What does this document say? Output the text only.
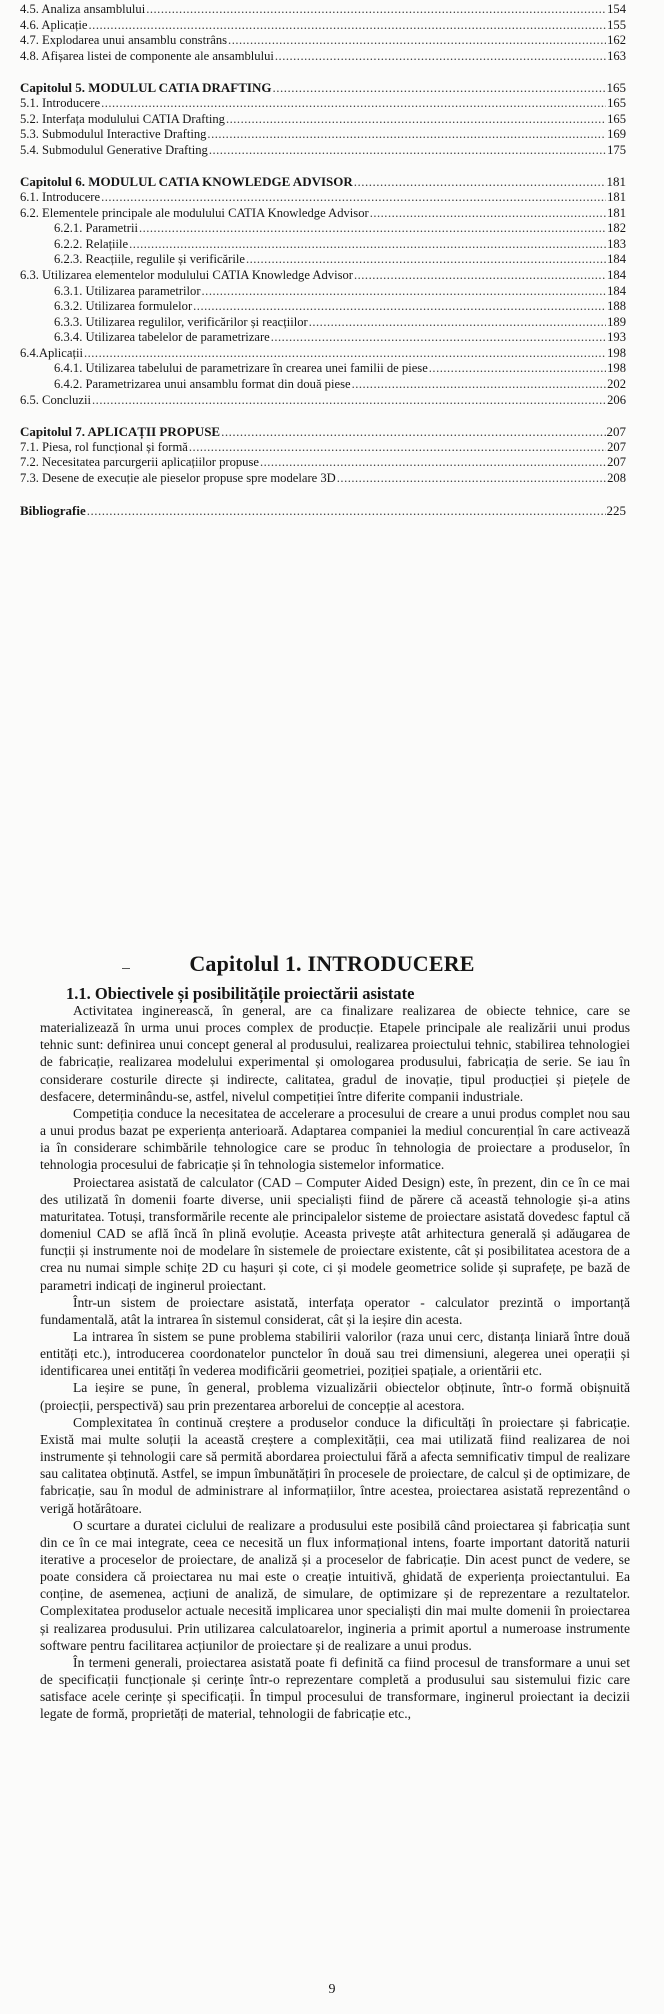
4.5. Analiza ansamblului .....	154
4.6. Aplicație .....	155
4.7. Explodarea unui ansamblu constrâns .....	162
4.8. Afișarea listei de componente ale ansamblului .....	163
Capitolul 5. MODULUL CATIA DRAFTING .....	165
5.1. Introducere .....	165
5.2. Interfața modulului CATIA Drafting .....	165
5.3. Submodulul Interactive Drafting .....	169
5.4. Submodulul Generative Drafting .....	175
Capitolul 6. MODULUL CATIA KNOWLEDGE ADVISOR .....	181
6.1. Introducere .....	181
6.2. Elementele principale ale modulului CATIA Knowledge Advisor .....	181
6.2.1. Parametrii .....	182
6.2.2. Relațiile .....	183
6.2.3. Reacțiile, regulile și verificările .....	184
6.3. Utilizarea elementelor modulului CATIA Knowledge Advisor .....	184
6.3.1. Utilizarea parametrilor .....	184
6.3.2. Utilizarea formulelor .....	188
6.3.3. Utilizarea regulilor, verificărilor și reacțiilor .....	189
6.3.4. Utilizarea tabelelor de parametrizare .....	193
6.4.Aplicații .....	198
6.4.1. Utilizarea tabelului de parametrizare în crearea unei familii de piese .....	198
6.4.2. Parametrizarea unui ansamblu format din două piese .....	202
6.5. Concluzii .....	206
Capitolul 7. APLICAȚII PROPUSE .....	207
7.1. Piesa, rol funcțional și formă .....	207
7.2. Necesitatea parcurgerii aplicațiilor propuse .....	207
7.3. Desene de execuție ale pieselor propuse spre modelare 3D .....	208
Bibliografie .....	225
Capitolul 1. INTRODUCERE
1.1. Obiectivele și posibilitățile proiectării asistate

Activitatea inginerească, în general, are ca finalizare realizarea de obiecte tehnice, care se materializează în urma unui proces complex de producție. Etapele principale ale realizării unui produs tehnic sunt: definirea unui concept general al produsului, realizarea proiectului tehnic, stabilirea tehnologiei de fabricație, realizarea modelului experimental și omologarea produsului, fabricația de serie. Se iau în considerare costurile directe și indirecte, calitatea, gradul de inovație, tipul producției și piețele de desfacere, determinându-se, astfel, nivelul competiției între diferite companii industriale.

Competiția conduce la necesitatea de accelerare a procesului de creare a unui produs complet nou sau a unui produs bazat pe experiența anterioară. Adaptarea companiei la mediul concurențial în care activează ia în considerare schimbările tehnologice care se produc în tehnologia de proiectare a produselor, în tehnologia procesului de fabricație și în tehnologia sistemelor informatice.

Proiectarea asistată de calculator (CAD – Computer Aided Design) este, în prezent, din ce în ce mai des utilizată în domenii foarte diverse, unii specialiști fiind de părere că această tehnologie și-a atins maturitatea. Totuși, transformările recente ale principalelor sisteme de proiectare asistată dovedesc faptul că domeniul CAD se află încă în plină evoluție. Aceasta privește atât arhitectura generală și adăugarea de funcții și instrumente noi de modelare în sistemele de proiectare existente, cât și posibilitatea acestora de a crea nu numai simple schițe 2D cu hașuri și cote, ci și modele geometrice solide și suprafețe, pe bază de parametri indicați de inginerul proiectant.

Într-un sistem de proiectare asistată, interfața operator - calculator prezintă o importanță fundamentală, atât la intrarea în sistemul considerat, cât și la ieșire din acesta.

La intrarea în sistem se pune problema stabilirii valorilor (raza unui cerc, distanța liniară între două entități etc.), introducerea coordonatelor punctelor în două sau trei dimensiuni, alegerea unei operații și identificarea unei entități în vederea modificării geometriei, poziției spațiale, a orientării etc.

La ieșire se pune, în general, problema vizualizării obiectelor obținute, într-o formă obișnuită (proiecții, perspectivă) sau prin prezentarea arborelui de concepție al acestora.

Complexitatea în continuă creștere a produselor conduce la dificultăți în proiectare și fabricație. Există mai multe soluții la această creștere a complexității, cea mai utilizată fiind realizarea de noi instrumente și tehnologii care să permită abordarea proiectului fără a afecta semnificativ timpul de realizare sau calitatea obținută. Astfel, se impun îmbunătățiri în procesele de proiectare, de calcul și de optimizare, de fabricație, sau în modul de administrare al informațiilor, între acestea, proiectarea asistată reprezentând o verigă hotărâtoare.

O scurtare a duratei ciclului de realizare a produsului este posibilă când proiectarea și fabricația sunt din ce în ce mai integrate, ceea ce necesită un flux informațional intens, foarte important datorită naturii iterative a proceselor de proiectare, de analiză și a proceselor de fabricație. Din acest punct de vedere, se poate considera că proiectarea nu mai este o creație intuitivă, ghidată de experiența proiectantului. Ea conține, de asemenea, acțiuni de analiză, de simulare, de optimizare și de reprezentare a rezultatelor. Complexitatea produselor actuale necesită implicarea unor specialiști din mai multe domenii în proiectarea și realizarea produsului. Prin utilizarea calculatoarelor, ingineria a primit aportul a numeroase instrumente software pentru facilitarea acțiunilor de proiectare și de realizare a unui produs.

În termeni generali, proiectarea asistată poate fi definită ca fiind procesul de transformare a unui set de specificații funcționale și cerințe într-o reprezentare completă a produsului sau sistemului fizic care satisface acele cerințe și specificații. În timpul procesului de transformare, inginerul proiectant ia decizii legate de formă, proprietăți de material, tehnologii de fabricație etc.,

9
